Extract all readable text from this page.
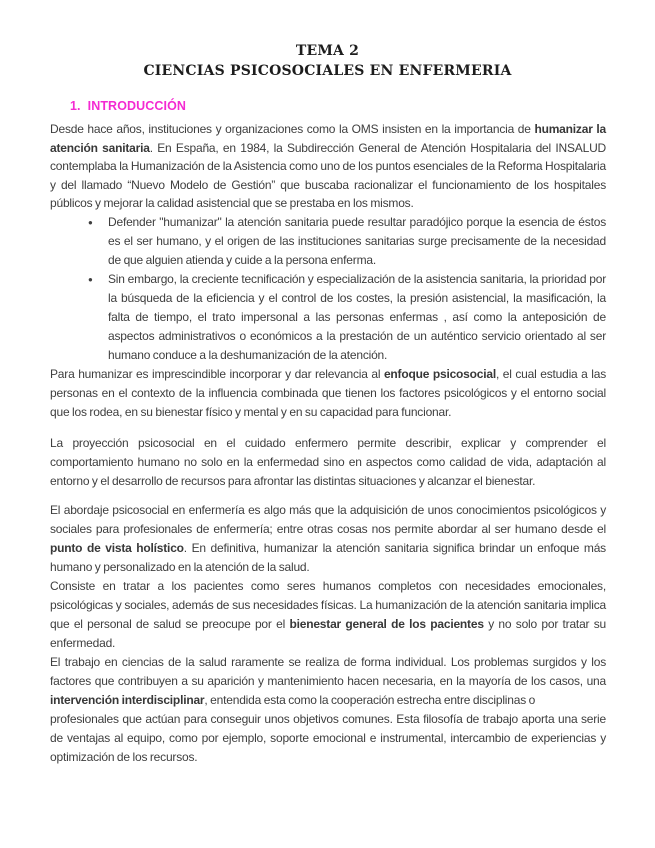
TEMA 2
CIENCIAS PSICOSOCIALES EN ENFERMERIA
1. INTRODUCCIÓN

Desde hace años, instituciones y organizaciones como la OMS insisten en la importancia de humanizar la atención sanitaria. En España, en 1984, la Subdirección General de Atención Hospitalaria del INSALUD contemplaba la Humanización de la Asistencia como uno de los puntos esenciales de la Reforma Hospitalaria y del llamado “Nuevo Modelo de Gestión” que buscaba racionalizar el funcionamiento de los hospitales públicos y mejorar la calidad asistencial que se prestaba en los mismos.

●	Defender "humanizar" la atención sanitaria puede resultar paradójico porque la esencia de éstos es el ser humano, y el origen de las instituciones sanitarias surge precisamente de la necesidad de que alguien atienda y cuide a la persona enferma.
●	Sin embargo, la creciente tecnificación y especialización de la asistencia sanitaria, la prioridad por la búsqueda de la eficiencia y el control de los costes, la presión asistencial, la masificación, la falta de tiempo, el trato impersonal a las personas enfermas , así como la anteposición de aspectos administrativos o económicos a la prestación de un auténtico servicio orientado al ser humano conduce a la deshumanización de la atención.

Para humanizar es imprescindible incorporar y dar relevancia al enfoque psicosocial, el cual estudia a las personas en el contexto de la influencia combinada que tienen los factores psicológicos y el entorno social que los rodea, en su bienestar físico y mental y en su capacidad para funcionar.

La proyección psicosocial en el cuidado enfermero permite describir, explicar y comprender el comportamiento humano no solo en la enfermedad sino en aspectos como calidad de vida, adaptación al entorno y el desarrollo de recursos para afrontar las distintas situaciones y alcanzar el bienestar.

El abordaje psicosocial en enfermería es algo más que la adquisición de unos conocimientos psicológicos y sociales para profesionales de enfermería; entre otras cosas nos permite abordar al ser humano desde el punto de vista holístico. En definitiva, humanizar la atención sanitaria significa brindar un enfoque más humano y personalizado en la atención de la salud.

Consiste en tratar a los pacientes como seres humanos completos con necesidades emocionales, psicológicas y sociales, además de sus necesidades físicas. La humanización de la atención sanitaria implica que el personal de salud se preocupe por el bienestar general de los pacientes y no solo por tratar su enfermedad.

El trabajo en ciencias de la salud raramente se realiza de forma individual. Los problemas surgidos y los factores que contribuyen a su aparición y mantenimiento hacen necesaria, en la mayoría de los casos, una intervención interdisciplinar, entendida esta como la cooperación estrecha entre disciplinas o

profesionales que actúan para conseguir unos objetivos comunes. Esta filosofía de trabajo aporta una serie de ventajas al equipo, como por ejemplo, soporte emocional e instrumental, intercambio de experiencias y optimización de los recursos.
